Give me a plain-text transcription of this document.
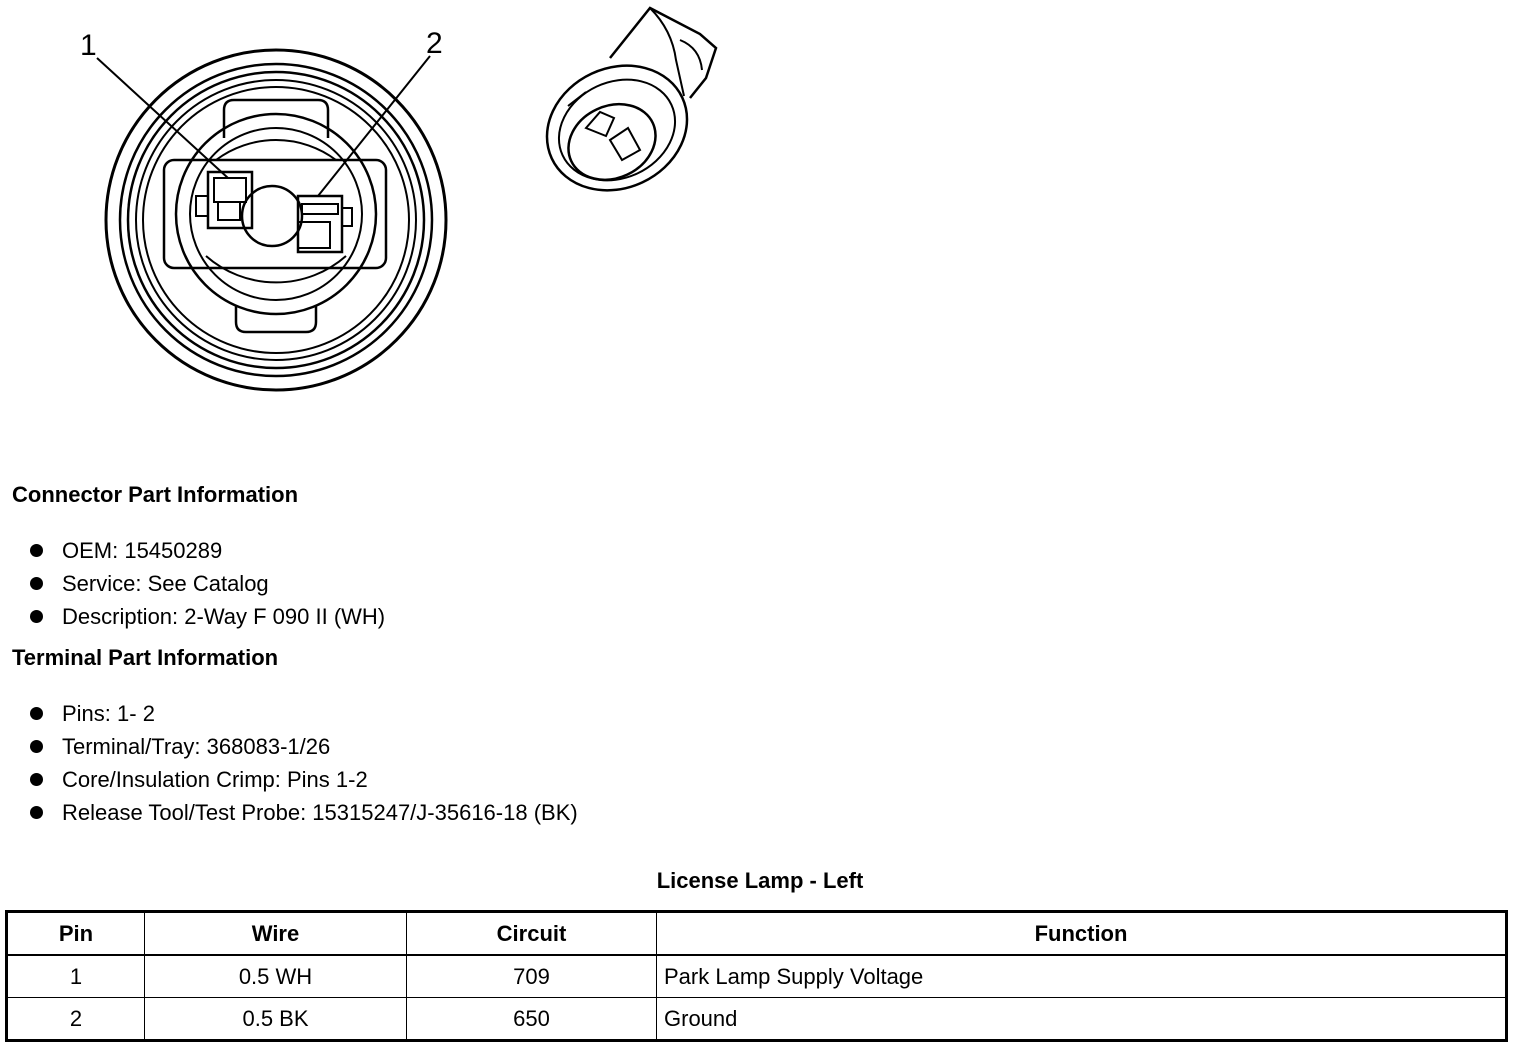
1	2
Connector Part Information
OEM: 15450289
Service: See Catalog
Description: 2-Way F 090 II (WH)
Terminal Part Information
Pins: 1- 2
Terminal/Tray: 368083-1/26
Core/Insulation Crimp: Pins 1-2
Release Tool/Test Probe: 15315247/J-35616-18 (BK)
License Lamp - Left
Pin	Wire	Circuit	Function
1	0.5 WH	709	Park Lamp Supply Voltage
2	0.5 BK	650	Ground
